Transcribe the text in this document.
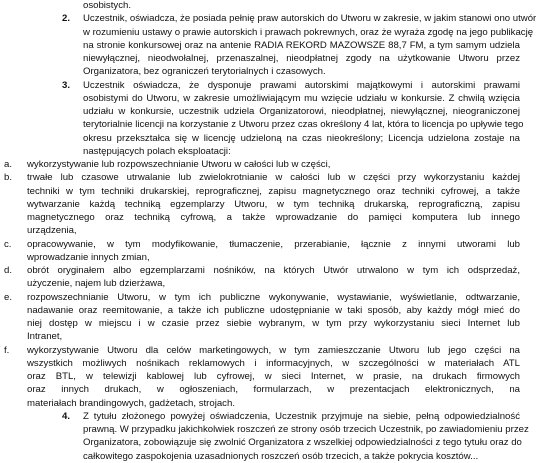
osobistych.
2. Uczestnik, oświadcza, że posiada pełnię praw autorskich do Utworu w zakresie, w jakim stanowi ono utwór
w rozumieniu ustawy o prawie autorskich i prawach pokrewnych, oraz że wyraża zgodę na jego publikację
na stronie konkursowej oraz na antenie RADIA REKORD MAZOWSZE 88,7 FM, a tym samym udziela
niewyłącznej, nieodwołalnej, przenaszalnej, nieodpłatnej zgody na użytkowanie Utworu przez
Organizatora, bez ograniczeń terytorialnych i czasowych.
3. Uczestnik oświadcza, że dysponuje prawami autorskimi majątkowymi i autorskimi prawami
osobistymi do Utworu, w zakresie umożliwiającym mu wzięcie udziału w konkursie. Z chwilą wzięcia
udziału w konkursie, uczestnik udziela Organizatorowi, nieodpłatnej, niewyłącznej, nieograniczonej
terytorialnie licencji na korzystanie z Utworu przez czas określony 4 lat, która to licencja po upływie tego
okresu przekształca się w licencję udzieloną na czas nieokreślony; Licencja udzielona zostaje na
następujących polach eksploatacji:
a. wykorzystywanie lub rozpowszechnianie Utworu w całości lub w części,
b. trwałe lub czasowe utrwalanie lub zwielokrotnianie w całości lub w części przy wykorzystaniu każdej
techniki w tym techniki drukarskiej, reprograficznej, zapisu magnetycznego oraz techniki cyfrowej, a także
wytwarzanie każdą techniką egzemplarzy Utworu, w tym techniką drukarską, reprograficzną, zapisu
magnetycznego oraz techniką cyfrową, a także wprowadzanie do pamięci komputera lub innego
urządzenia,
c. opracowywanie, w tym modyfikowanie, tłumaczenie, przerabianie, łącznie z innymi utworami lub
wprowadzanie innych zmian,
d. obrót oryginałem albo egzemplarzami nośników, na których Utwór utrwalono w tym ich odsprzedaż,
użyczenie, najem lub dzierżawa,
e. rozpowszechnianie Utworu, w tym ich publiczne wykonywanie, wystawianie, wyświetlanie, odtwarzanie,
nadawanie oraz reemitowanie, a także ich publiczne udostępnianie w taki sposób, aby każdy mógł mieć do
niej dostęp w miejscu i w czasie przez siebie wybranym, w tym przy wykorzystaniu sieci Internet lub
Intranet,
f. wykorzystywanie Utworu dla celów marketingowych, w tym zamieszczanie Utworu lub jego części na
wszystkich możliwych nośnikach reklamowych i informacyjnych, w szczególności w materiałach ATL
oraz BTL, w telewizji kablowej lub cyfrowej, w sieci Internet, w prasie, na drukach firmowych
oraz innych drukach, w ogłoszeniach, formularzach, w prezentacjach elektronicznych, na
materiałach brandingowych, gadżetach, strojach.
4. Z tytułu złożonego powyżej oświadczenia, Uczestnik przyjmuje na siebie, pełną odpowiedzialność
prawną. W przypadku jakichkolwiek roszczeń ze strony osób trzecich Uczestnik, po zawiadomieniu przez
Organizatora, zobowiązuje się zwolnić Organizatora z wszelkiej odpowiedzialności z tego tytułu oraz do
całkowitego zaspokojenia uzasadnionych roszczeń osób trzecich, a także pokrycia kosztów...
